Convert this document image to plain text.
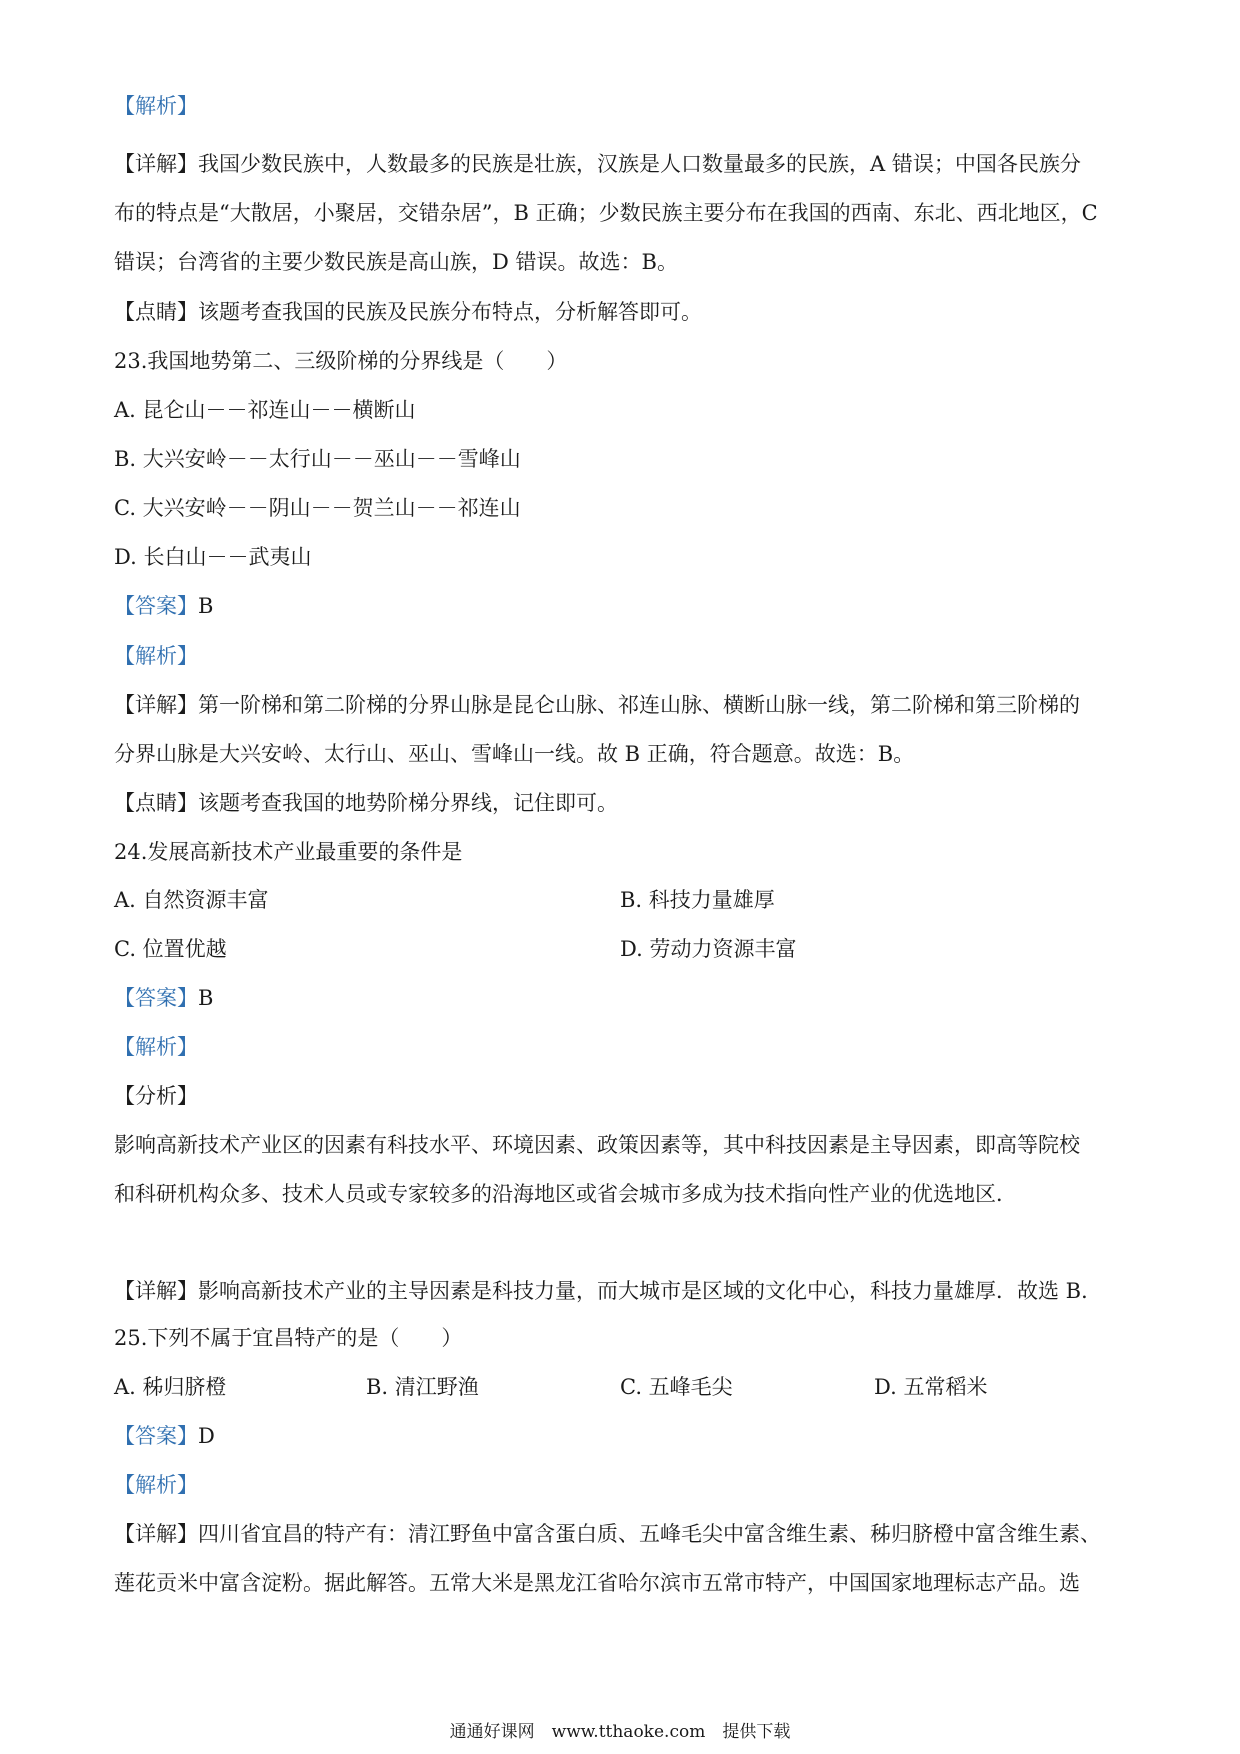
【解析】
【详解】我国少数民族中，人数最多的民族是壮族，汉族是人口数量最多的民族，A 错误；中国各民族分
布的特点是“大散居，小聚居，交错杂居”，B 正确；少数民族主要分布在我国的西南、东北、西北地区，C
错误；台湾省的主要少数民族是高山族，D 错误。故选：B。
【点睛】该题考查我国的民族及民族分布特点，分析解答即可。
23.我国地势第二、三级阶梯的分界线是（　　）
A. 昆仑山－－祁连山－－横断山
B. 大兴安岭－－太行山－－巫山－－雪峰山
C. 大兴安岭－－阴山－－贺兰山－－祁连山
D. 长白山－－武夷山
【答案】B
【解析】
【详解】第一阶梯和第二阶梯的分界山脉是昆仑山脉、祁连山脉、横断山脉一线，第二阶梯和第三阶梯的
分界山脉是大兴安岭、太行山、巫山、雪峰山一线。故 B 正确，符合题意。故选：B。
【点睛】该题考查我国的地势阶梯分界线，记住即可。
24.发展高新技术产业最重要的条件是
A. 自然资源丰富	B. 科技力量雄厚
C. 位置优越	D. 劳动力资源丰富
【答案】B
【解析】
【分析】
影响高新技术产业区的因素有科技水平、环境因素、政策因素等，其中科技因素是主导因素，即高等院校
和科研机构众多、技术人员或专家较多的沿海地区或省会城市多成为技术指向性产业的优选地区．
【详解】影响高新技术产业的主导因素是科技力量，而大城市是区域的文化中心，科技力量雄厚．故选 B．
25.下列不属于宜昌特产的是（　　）
A. 秭归脐橙	B. 清江野渔	C. 五峰毛尖	D. 五常稻米
【答案】D
【解析】
【详解】四川省宜昌的特产有：清江野鱼中富含蛋白质、五峰毛尖中富含维生素、秭归脐橙中富含维生素、
莲花贡米中富含淀粉。据此解答。五常大米是黑龙江省哈尔滨市五常市特产，中国国家地理标志产品。选
通通好课网　www.tthaoke.com　提供下载
